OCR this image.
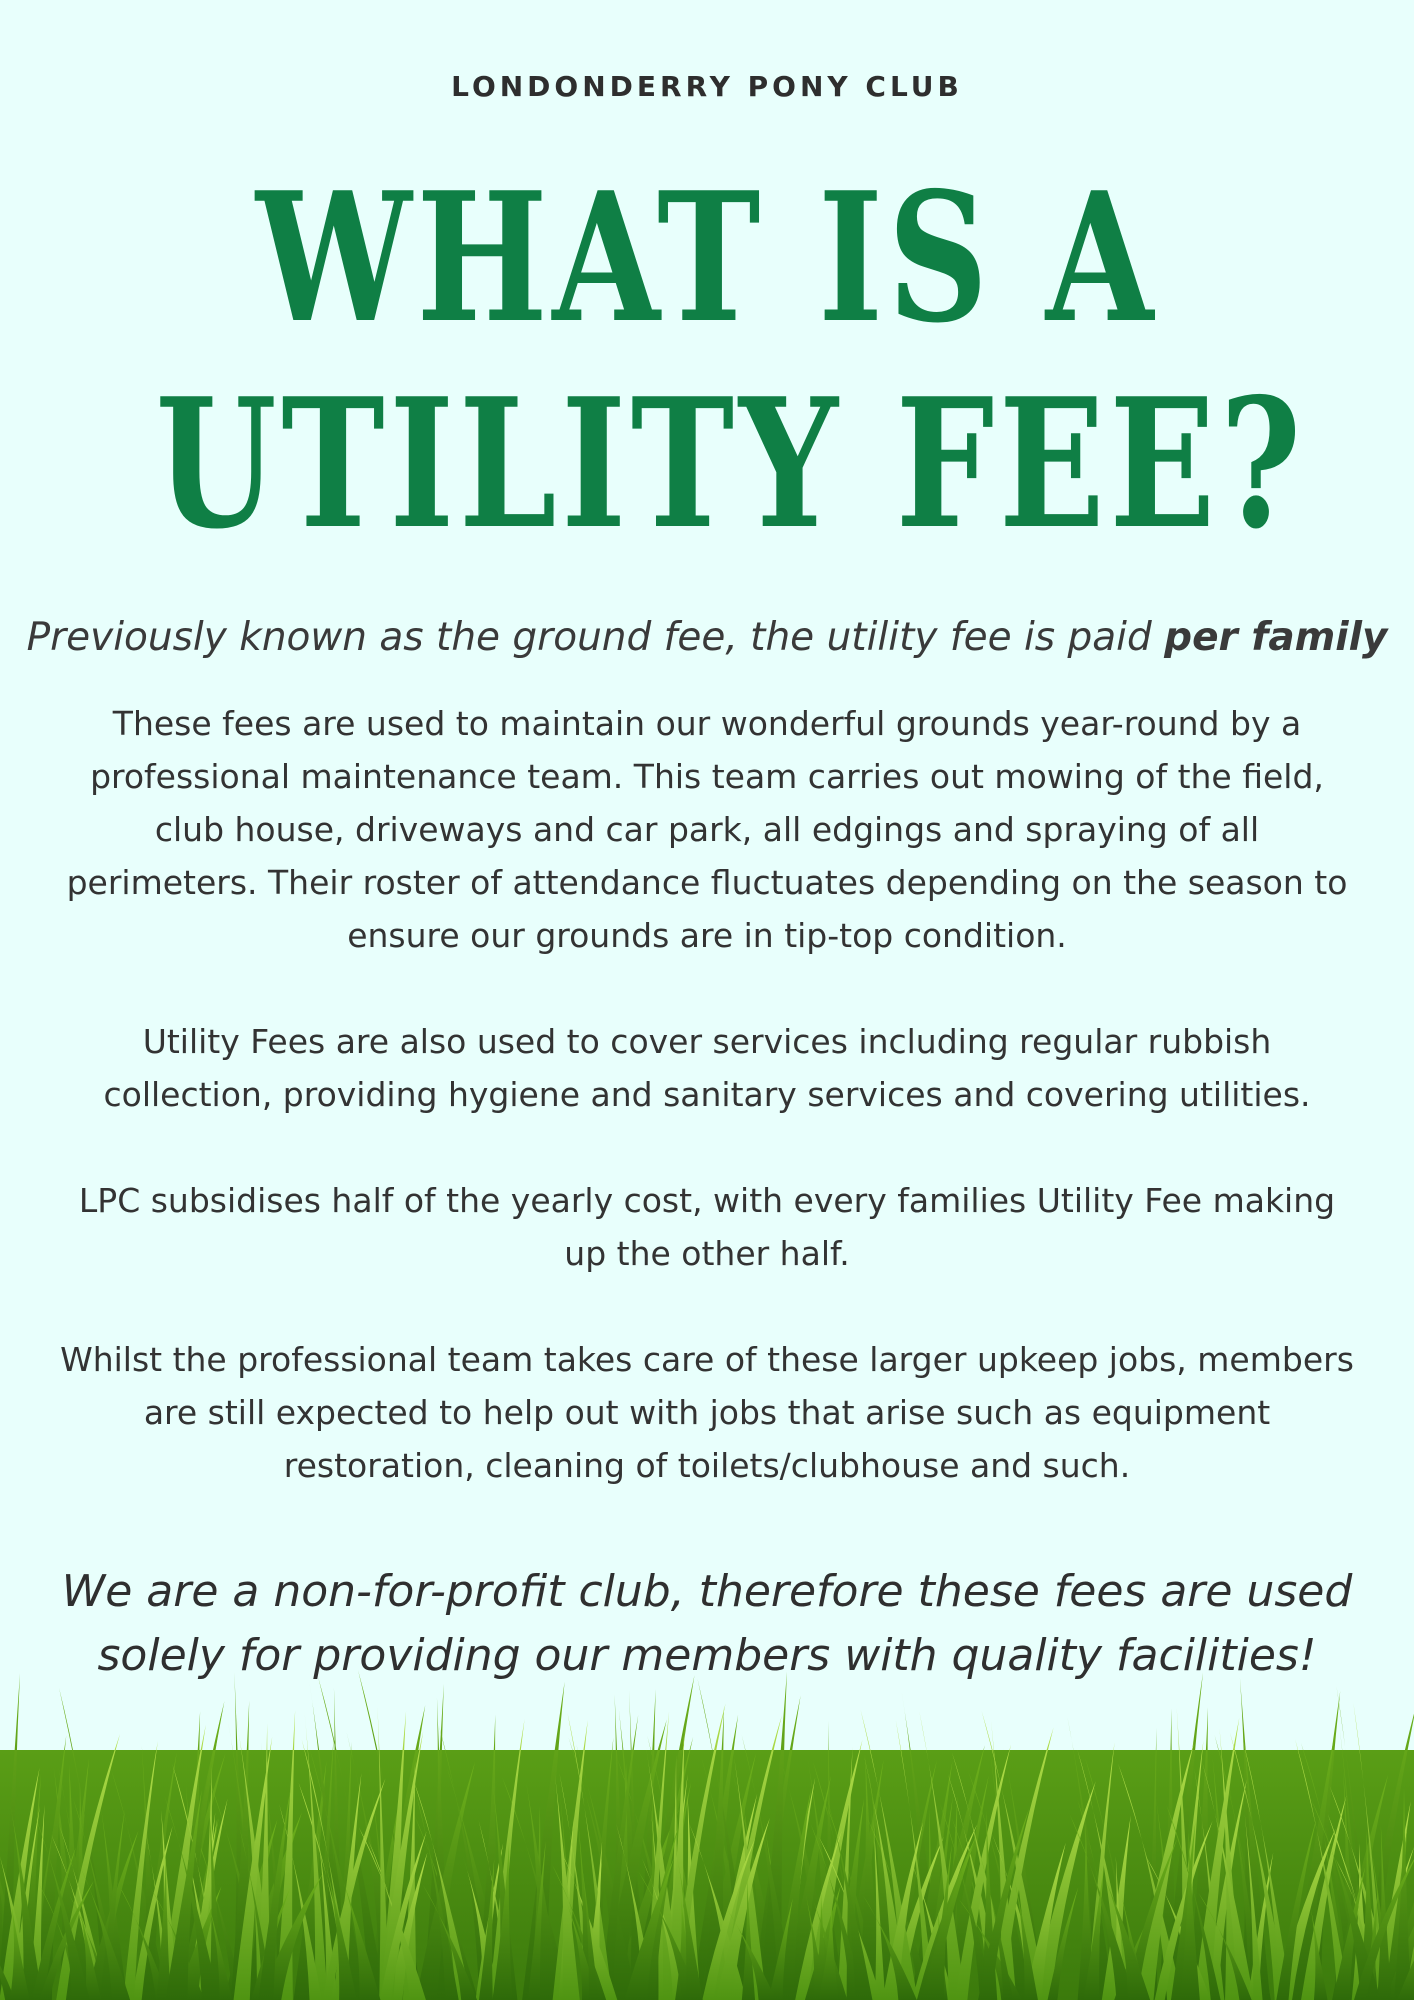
LONDONDERRY PONY CLUB
WHAT IS A
UTILITY FEE?
Previously known as the ground fee, the utility fee is paid per family

These fees are used to maintain our wonderful grounds year-round by a professional maintenance team. This team carries out mowing of the field, club house, driveways and car park, all edgings and spraying of all perimeters. Their roster of attendance fluctuates depending on the season to ensure our grounds are in tip-top condition.

Utility Fees are also used to cover services including regular rubbish collection, providing hygiene and sanitary services and covering utilities.

LPC subsidises half of the yearly cost, with every families Utility Fee making up the other half.

Whilst the professional team takes care of these larger upkeep jobs, members are still expected to help out with jobs that arise such as equipment restoration, cleaning of toilets/clubhouse and such.

We are a non-for-profit club, therefore these fees are used solely for providing our members with quality facilities!
